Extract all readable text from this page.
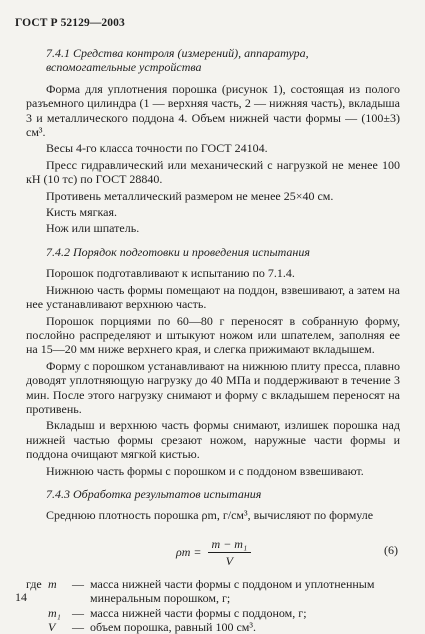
ГОСТ Р 52129—2003
7.4.1 Средства контроля (измерений), аппаратура, вспомогательные устройства
Форма для уплотнения порошка (рисунок 1), состоящая из полого разъемного цилиндра (1 — верхняя часть, 2 — нижняя часть), вкладыша 3 и металлического поддона 4. Объем нижней части формы — (100±3) см³.
Весы 4-го класса точности по ГОСТ 24104.
Пресс гидравлический или механический с нагрузкой не менее 100 кН (10 тс) по ГОСТ 28840.
Противень металлический размером не менее 25×40 см.
Кисть мягкая.
Нож или шпатель.
7.4.2 Порядок подготовки и проведения испытания
Порошок подготавливают к испытанию по 7.1.4.
Нижнюю часть формы помещают на поддон, взвешивают, а затем на нее устанавливают верхнюю часть.
Порошок порциями по 60—80 г переносят в собранную форму, послойно распределяют и штыкуют ножом или шпателем, заполняя ее на 15—20 мм ниже верхнего края, и слегка прижимают вкладышем.
Форму с порошком устанавливают на нижнюю плиту пресса, плавно доводят уплотняющую нагрузку до 40 МПа и поддерживают в течение 3 мин. После этого нагрузку снимают и форму с вкладышем переносят на противень.
Вкладыш и верхнюю часть формы снимают, излишек порошка над нижней частью формы срезают ножом, наружные части формы и поддона очищают мягкой кистью.
Нижнюю часть формы с порошком и с поддоном взвешивают.
7.4.3 Обработка результатов испытания
Среднюю плотность порошка ρm, г/см³, вычисляют по формуле
$\rho m = \frac{\text{m − m₁}}{V}$	(6)
где m	— масса нижней части формы с поддоном и уплотненным
минеральным порошком, г;
m₁ — масса нижней части формы с поддоном, г;
V	— объем порошка, равный 100 см³.
14
